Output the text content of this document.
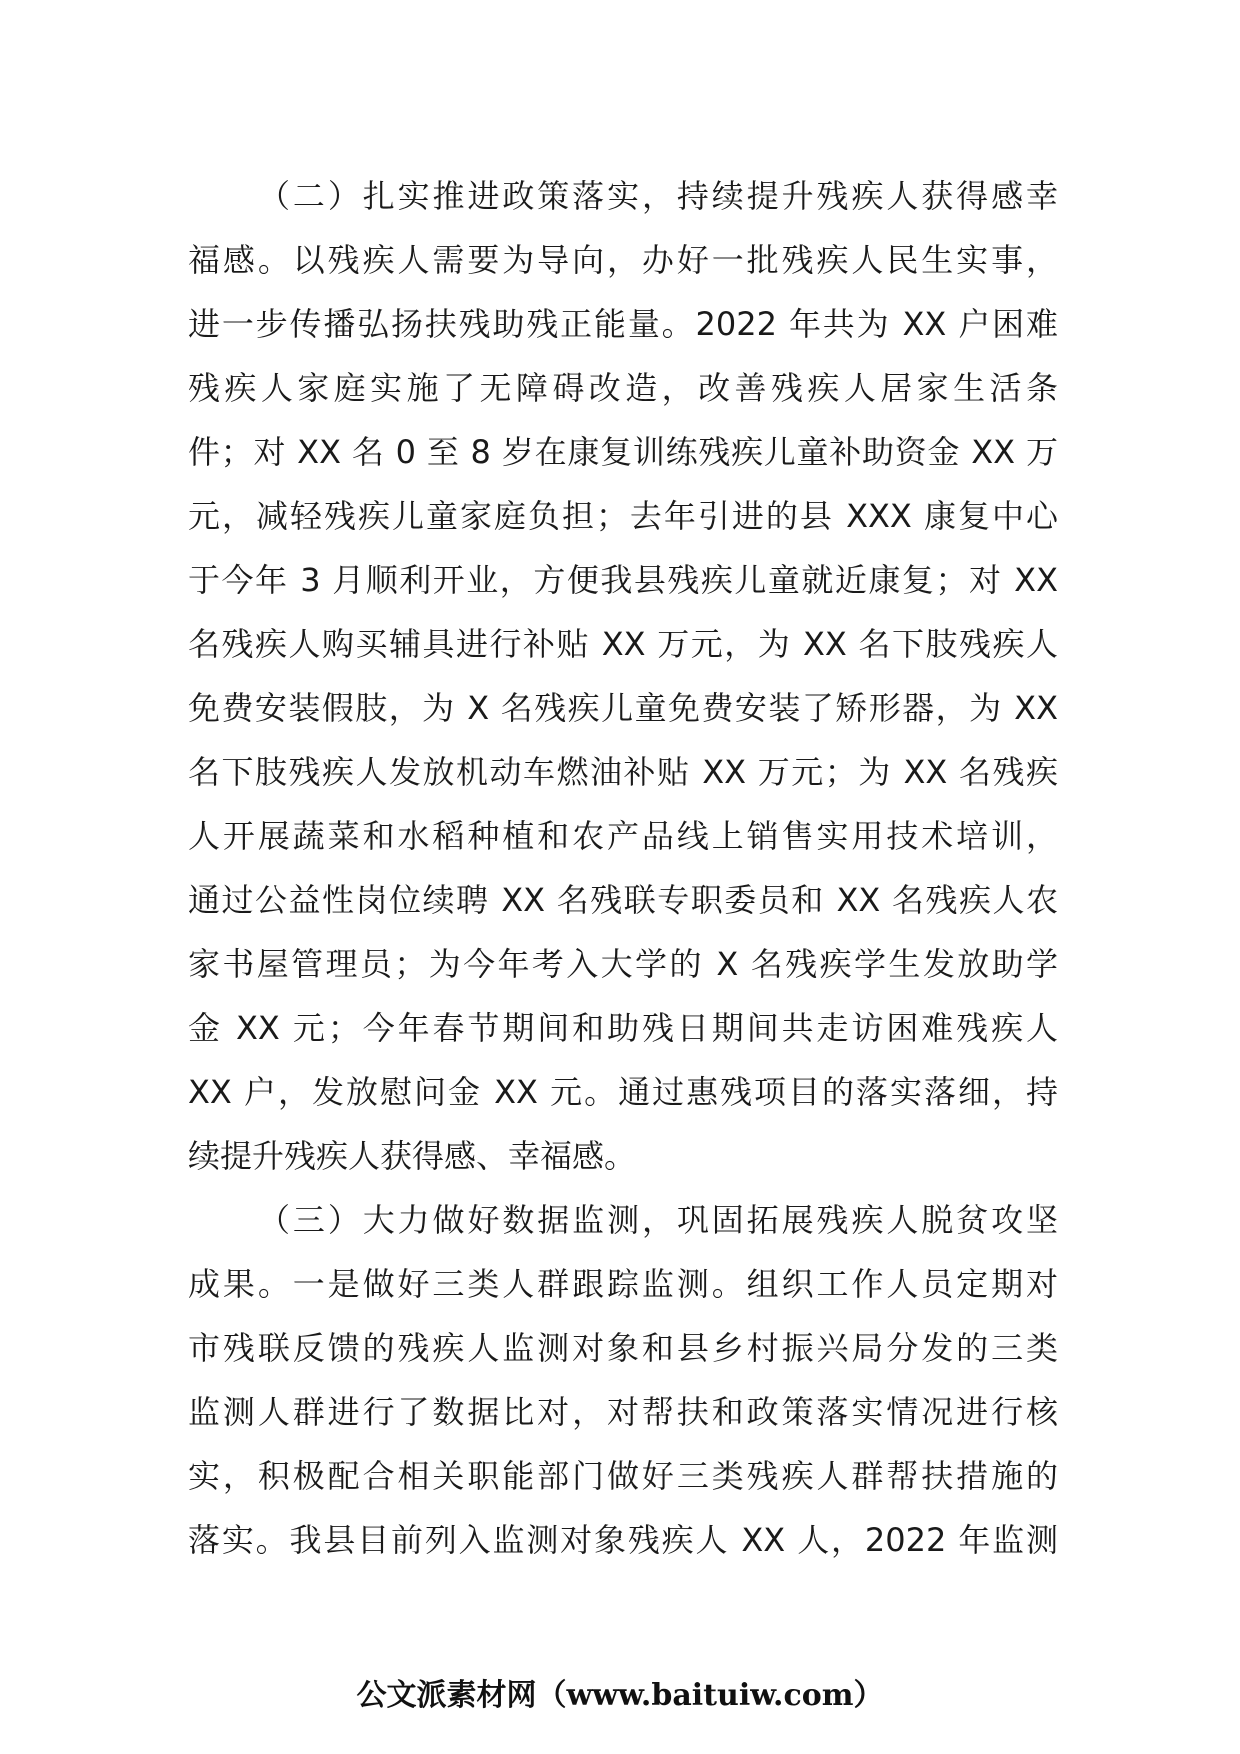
（二）扎实推进政策落实，持续提升残疾人获得感幸
福感。以残疾人需要为导向，办好一批残疾人民生实事，
进一步传播弘扬扶残助残正能量。2022 年共为 XX 户困难
残疾人家庭实施了无障碍改造，改善残疾人居家生活条
件；对 XX 名 0 至 8 岁在康复训练残疾儿童补助资金 XX 万
元，减轻残疾儿童家庭负担；去年引进的县 XXX 康复中心
于今年 3 月顺利开业，方便我县残疾儿童就近康复；对 XX
名残疾人购买辅具进行补贴 XX 万元，为 XX 名下肢残疾人
免费安装假肢，为 X 名残疾儿童免费安装了矫形器，为 XX
名下肢残疾人发放机动车燃油补贴 XX 万元；为 XX 名残疾
人开展蔬菜和水稻种植和农产品线上销售实用技术培训，
通过公益性岗位续聘 XX 名残联专职委员和 XX 名残疾人农
家书屋管理员；为今年考入大学的 X 名残疾学生发放助学
金 XX 元；今年春节期间和助残日期间共走访困难残疾人
XX 户，发放慰问金 XX 元。通过惠残项目的落实落细，持
续提升残疾人获得感、幸福感。
（三）大力做好数据监测，巩固拓展残疾人脱贫攻坚
成果。一是做好三类人群跟踪监测。组织工作人员定期对
市残联反馈的残疾人监测对象和县乡村振兴局分发的三类
监测人群进行了数据比对，对帮扶和政策落实情况进行核
实，积极配合相关职能部门做好三类残疾人群帮扶措施的
落实。我县目前列入监测对象残疾人 XX 人，2022 年监测
公文派素材网（www.baituiw.com）
